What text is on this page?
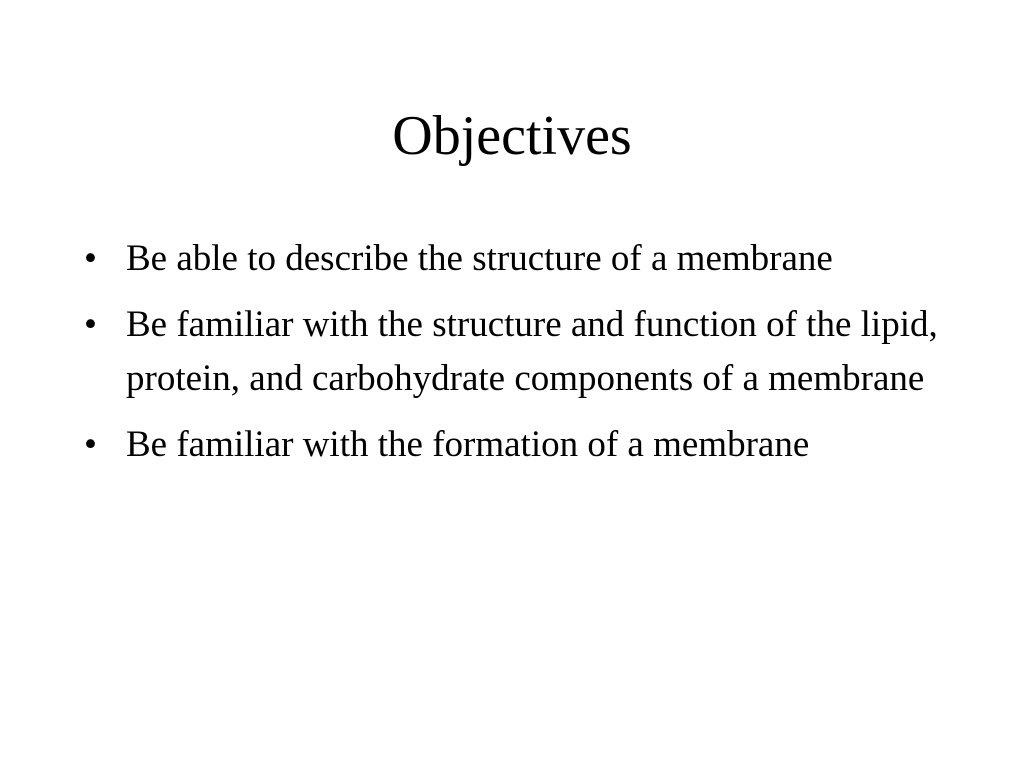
Objectives
• Be able to describe the structure of a membrane
• Be familiar with the structure and function of the lipid, protein, and carbohydrate components of a membrane
• Be familiar with the formation of a membrane
